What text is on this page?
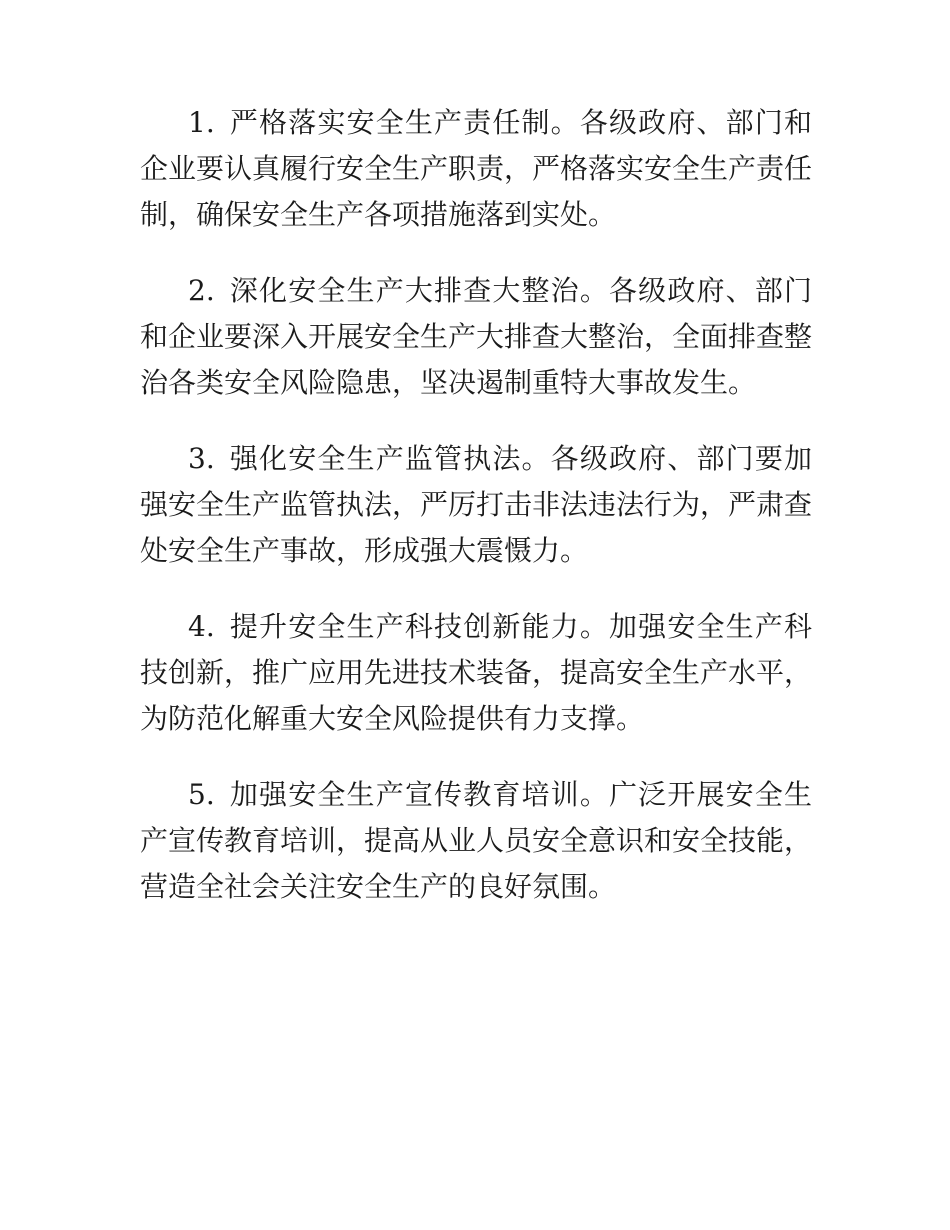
1. 严格落实安全生产责任制。各级政府、部门和企业要认真履行安全生产职责，严格落实安全生产责任制，确保安全生产各项措施落到实处。

2. 深化安全生产大排查大整治。各级政府、部门和企业要深入开展安全生产大排查大整治，全面排查整治各类安全风险隐患，坚决遏制重特大事故发生。

3. 强化安全生产监管执法。各级政府、部门要加强安全生产监管执法，严厉打击非法违法行为，严肃查处安全生产事故，形成强大震慑力。

4. 提升安全生产科技创新能力。加强安全生产科技创新，推广应用先进技术装备，提高安全生产水平，为防范化解重大安全风险提供有力支撑。

5. 加强安全生产宣传教育培训。广泛开展安全生产宣传教育培训，提高从业人员安全意识和安全技能，营造全社会关注安全生产的良好氛围。
